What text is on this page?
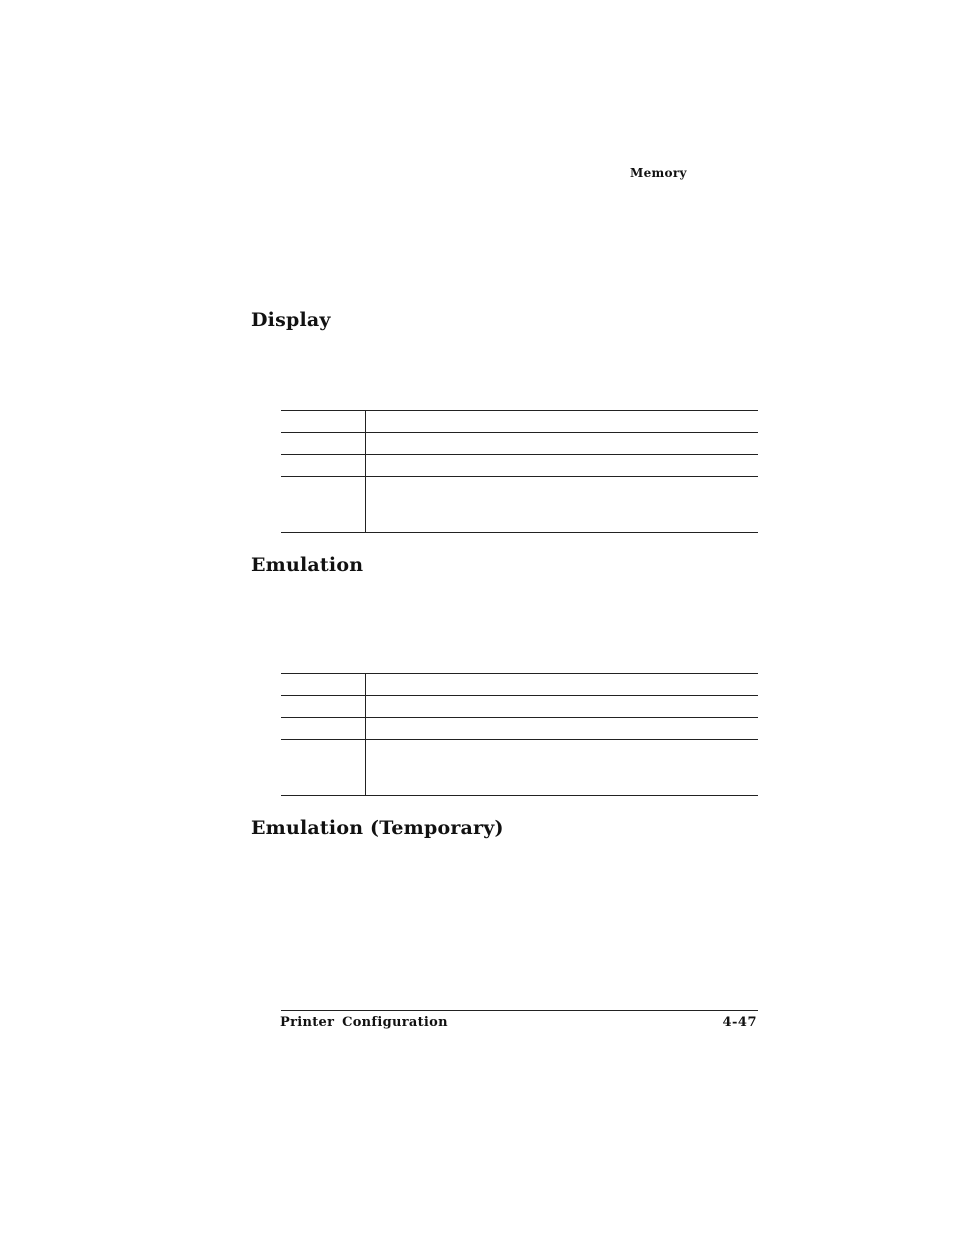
Memory
Display

Emulation

Emulation (Temporary)
Printer Configuration	4-47
